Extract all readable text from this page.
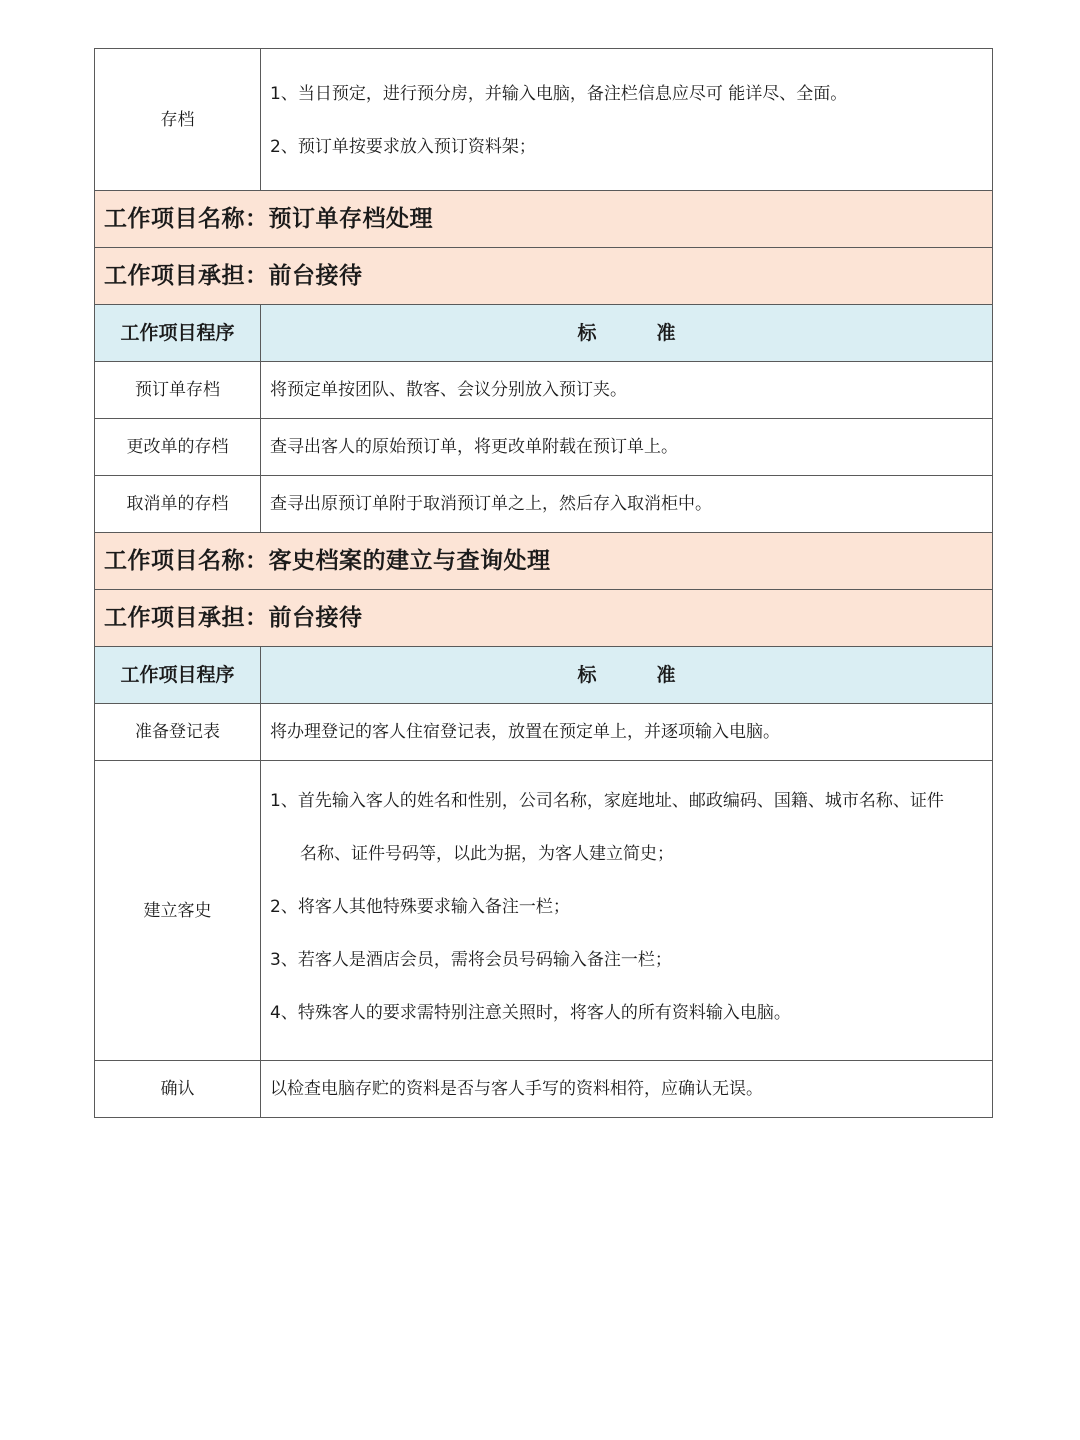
存档	1、当日预定，进行预分房，并输入电脑，备注栏信息应尽可 能详尽、全面。

2、预订单按要求放入预订资料架；

工作项目名称：预订单存档处理	
工作项目承担：前台接待	
工作项目程序	标 准
预订单存档	将预定单按团队、散客、会议分别放入预订夹。
更改单的存档	查寻出客人的原始预订单，将更改单附载在预订单上。
取消单的存档	查寻出原预订单附于取消预订单之上，然后存入取消柜中。
工作项目名称：客史档案的建立与查询处理	
工作项目承担：前台接待	
工作项目程序	标 准
准备登记表	将办理登记的客人住宿登记表，放置在预定单上，并逐项输入电脑。
建立客史	1、首先输入客人的姓名和性别，公司名称，家庭地址、邮政编码、国籍、城市名称、证件

名称、证件号码等，以此为据，为客人建立简史；

2、将客人其他特殊要求输入备注一栏；

3、若客人是酒店会员，需将会员号码输入备注一栏；

4、特殊客人的要求需特别注意关照时，将客人的所有资料输入电脑。

确认	以检查电脑存贮的资料是否与客人手写的资料相符，应确认无误。
